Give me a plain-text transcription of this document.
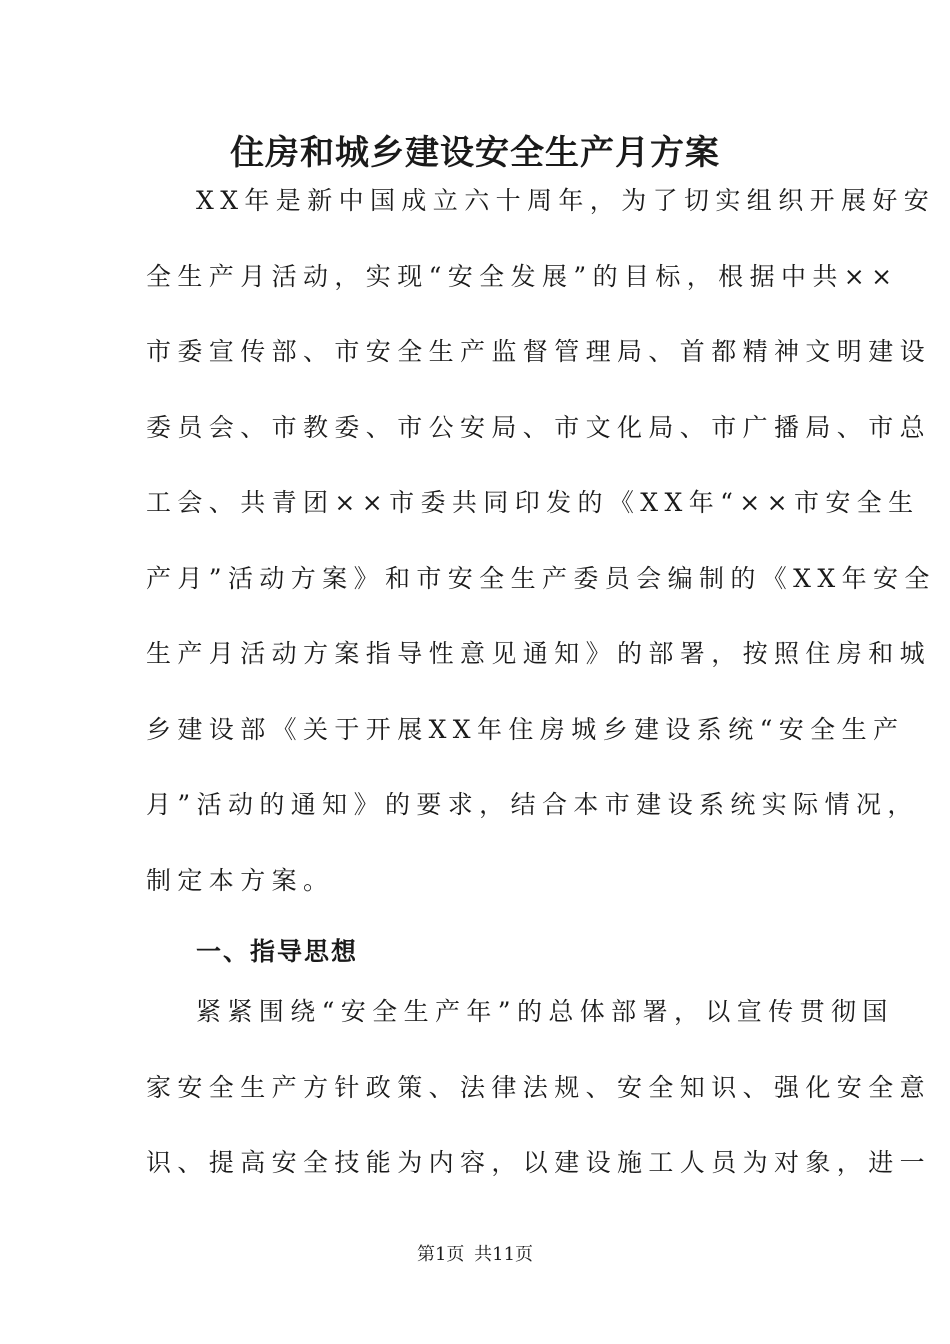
住房和城乡建设安全生产月方案
XX年是新中国成立六十周年，为了切实组织开展好安
全生产月活动，实现“安全发展”的目标，根据中共××
市委宣传部、市安全生产监督管理局、首都精神文明建设
委员会、市教委、市公安局、市文化局、市广播局、市总
工会、共青团××市委共同印发的《XX年“××市安全生
产月”活动方案》和市安全生产委员会编制的《XX年安全
生产月活动方案指导性意见通知》的部署，按照住房和城
乡建设部《关于开展XX年住房城乡建设系统“安全生产
月”活动的通知》的要求，结合本市建设系统实际情况，
制定本方案。
一、指导思想
紧紧围绕“安全生产年”的总体部署，以宣传贯彻国
家安全生产方针政策、法律法规、安全知识、强化安全意
识、提高安全技能为内容，以建设施工人员为对象，进一
第1页 共11页
